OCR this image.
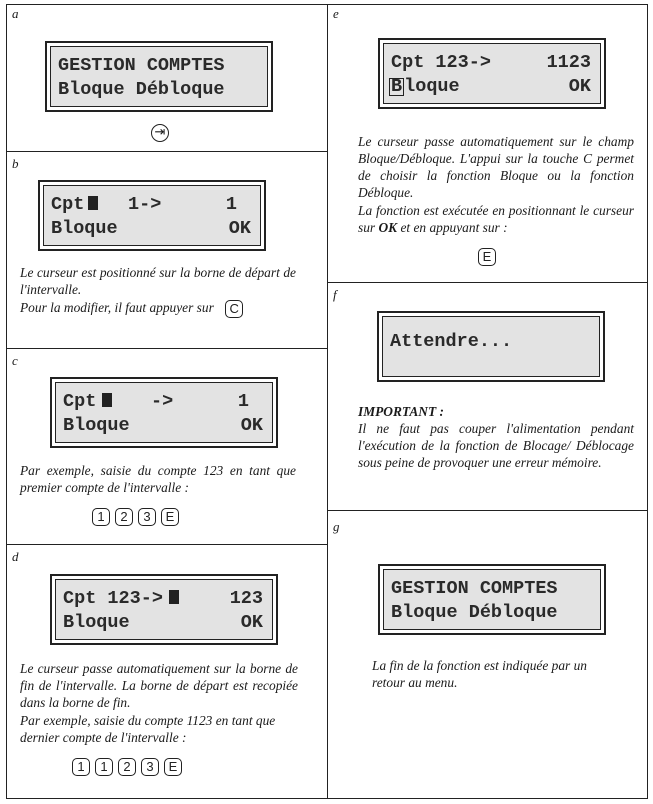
a
GESTION COMPTES
Bloque Débloque
⇥
b

Cpt

	1->

	1

Bloque

	OK

Le curseur est positionné sur la borne de départ de l'intervalle.
Pour la modifier, il faut appuyer sur C
c

Cpt

	->

	1

Bloque

	OK

Par exemple, saisie du compte 123 en tant que premier compte de l'intervalle :
1	2	3	E
d

Cpt 123->

	123

Bloque

	OK

Le curseur passe automatiquement sur la borne de fin de l'intervalle. La borne de départ est recopiée dans la borne de fin.
Par exemple, saisie du compte 1123 en tant que dernier compte de l'intervalle :
1	1	2	3	E
e

Cpt 123->

	1123

B loque

	OK

Le curseur passe automatiquement sur le champ Bloque/Débloque. L'appui sur la touche C permet de choisir la fonction Bloque ou la fonction Débloque.
La fonction est exécutée en positionnant le curseur sur OK et en appuyant sur :
E
f
Attendre...
IMPORTANT :
Il ne faut pas couper l'alimentation pendant l'exécution de la fonction de Blocage/ Déblocage sous peine de provoquer une erreur mémoire.
g
GESTION COMPTES
Bloque Débloque
La fin de la fonction est indiquée par un retour au menu.
